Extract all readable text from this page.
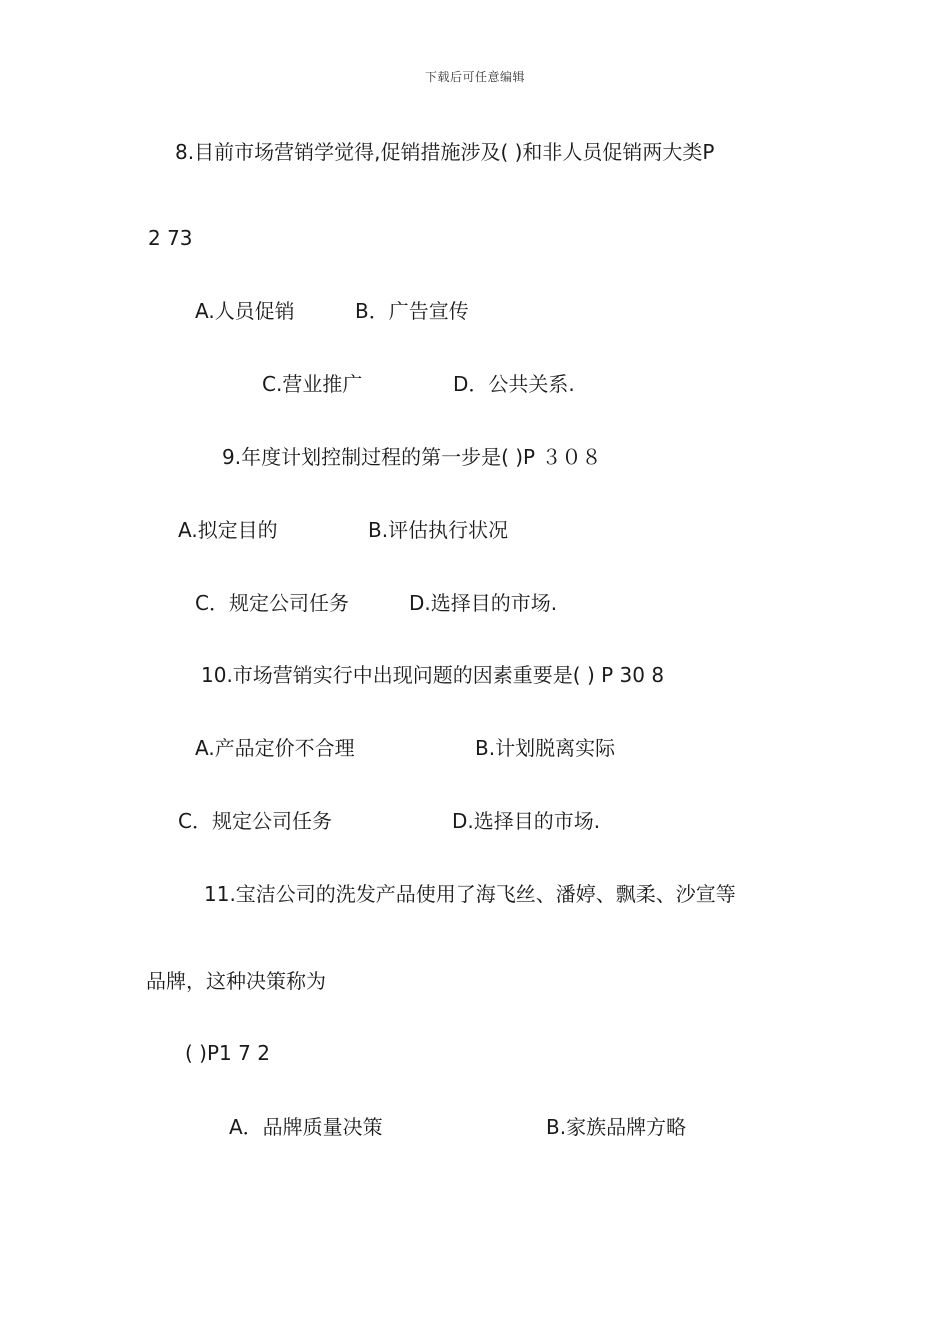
下载后可任意编辑
8.目前市场营销学觉得,促销措施涉及( )和非人员促销两大类P
2 73
A.人员促销	B．广告宣传
C.营业推广	D．公共关系.
9.年度计划控制过程的第一步是( )P ３０８
A.拟定目的	B.评估执行状况
C．规定公司任务	D.选择目的市场.
10.市场营销实行中出现问题的因素重要是( ) P 30 8
A.产品定价不合理	B.计划脱离实际
C．规定公司任务	D.选择目的市场.
11.宝洁公司的洗发产品使用了海飞丝、潘婷、飘柔、沙宣等
品牌，这种决策称为
( )P1 7 2
A．品牌质量决策	B.家族品牌方略
